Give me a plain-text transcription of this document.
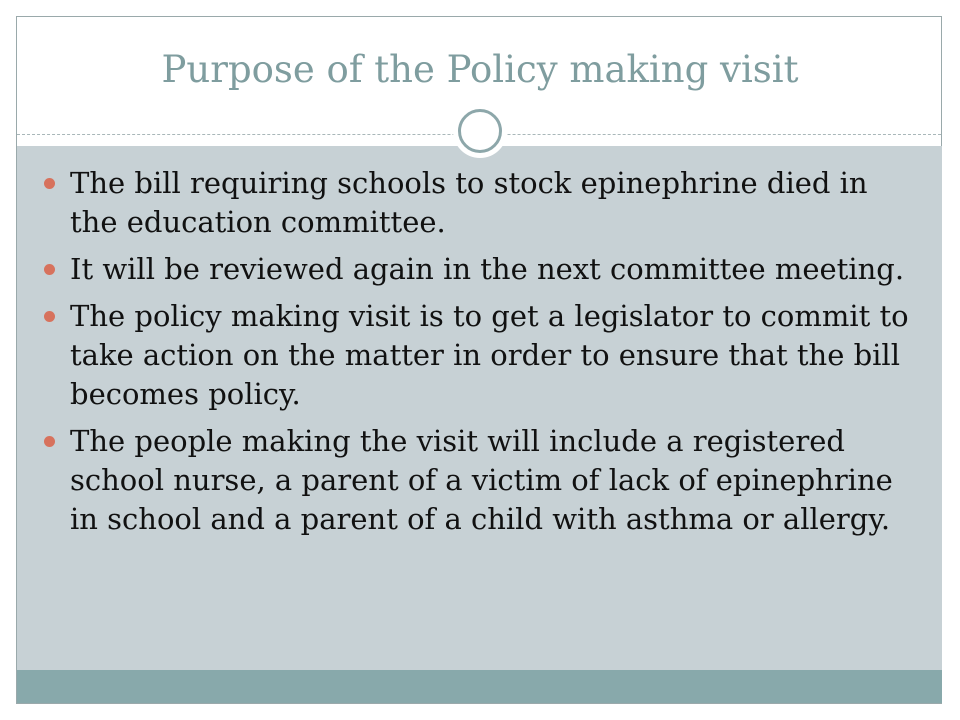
Purpose of the Policy making visit
The bill requiring schools to stock epinephrine died in the education committee.
It will be reviewed again in the next committee meeting.
The policy making visit is to get a legislator to commit to take action on the matter in order to ensure that the bill becomes policy.
The people making the visit will include a registered school nurse, a parent of a victim of lack of epinephrine in school and a parent of a child with asthma or allergy.
